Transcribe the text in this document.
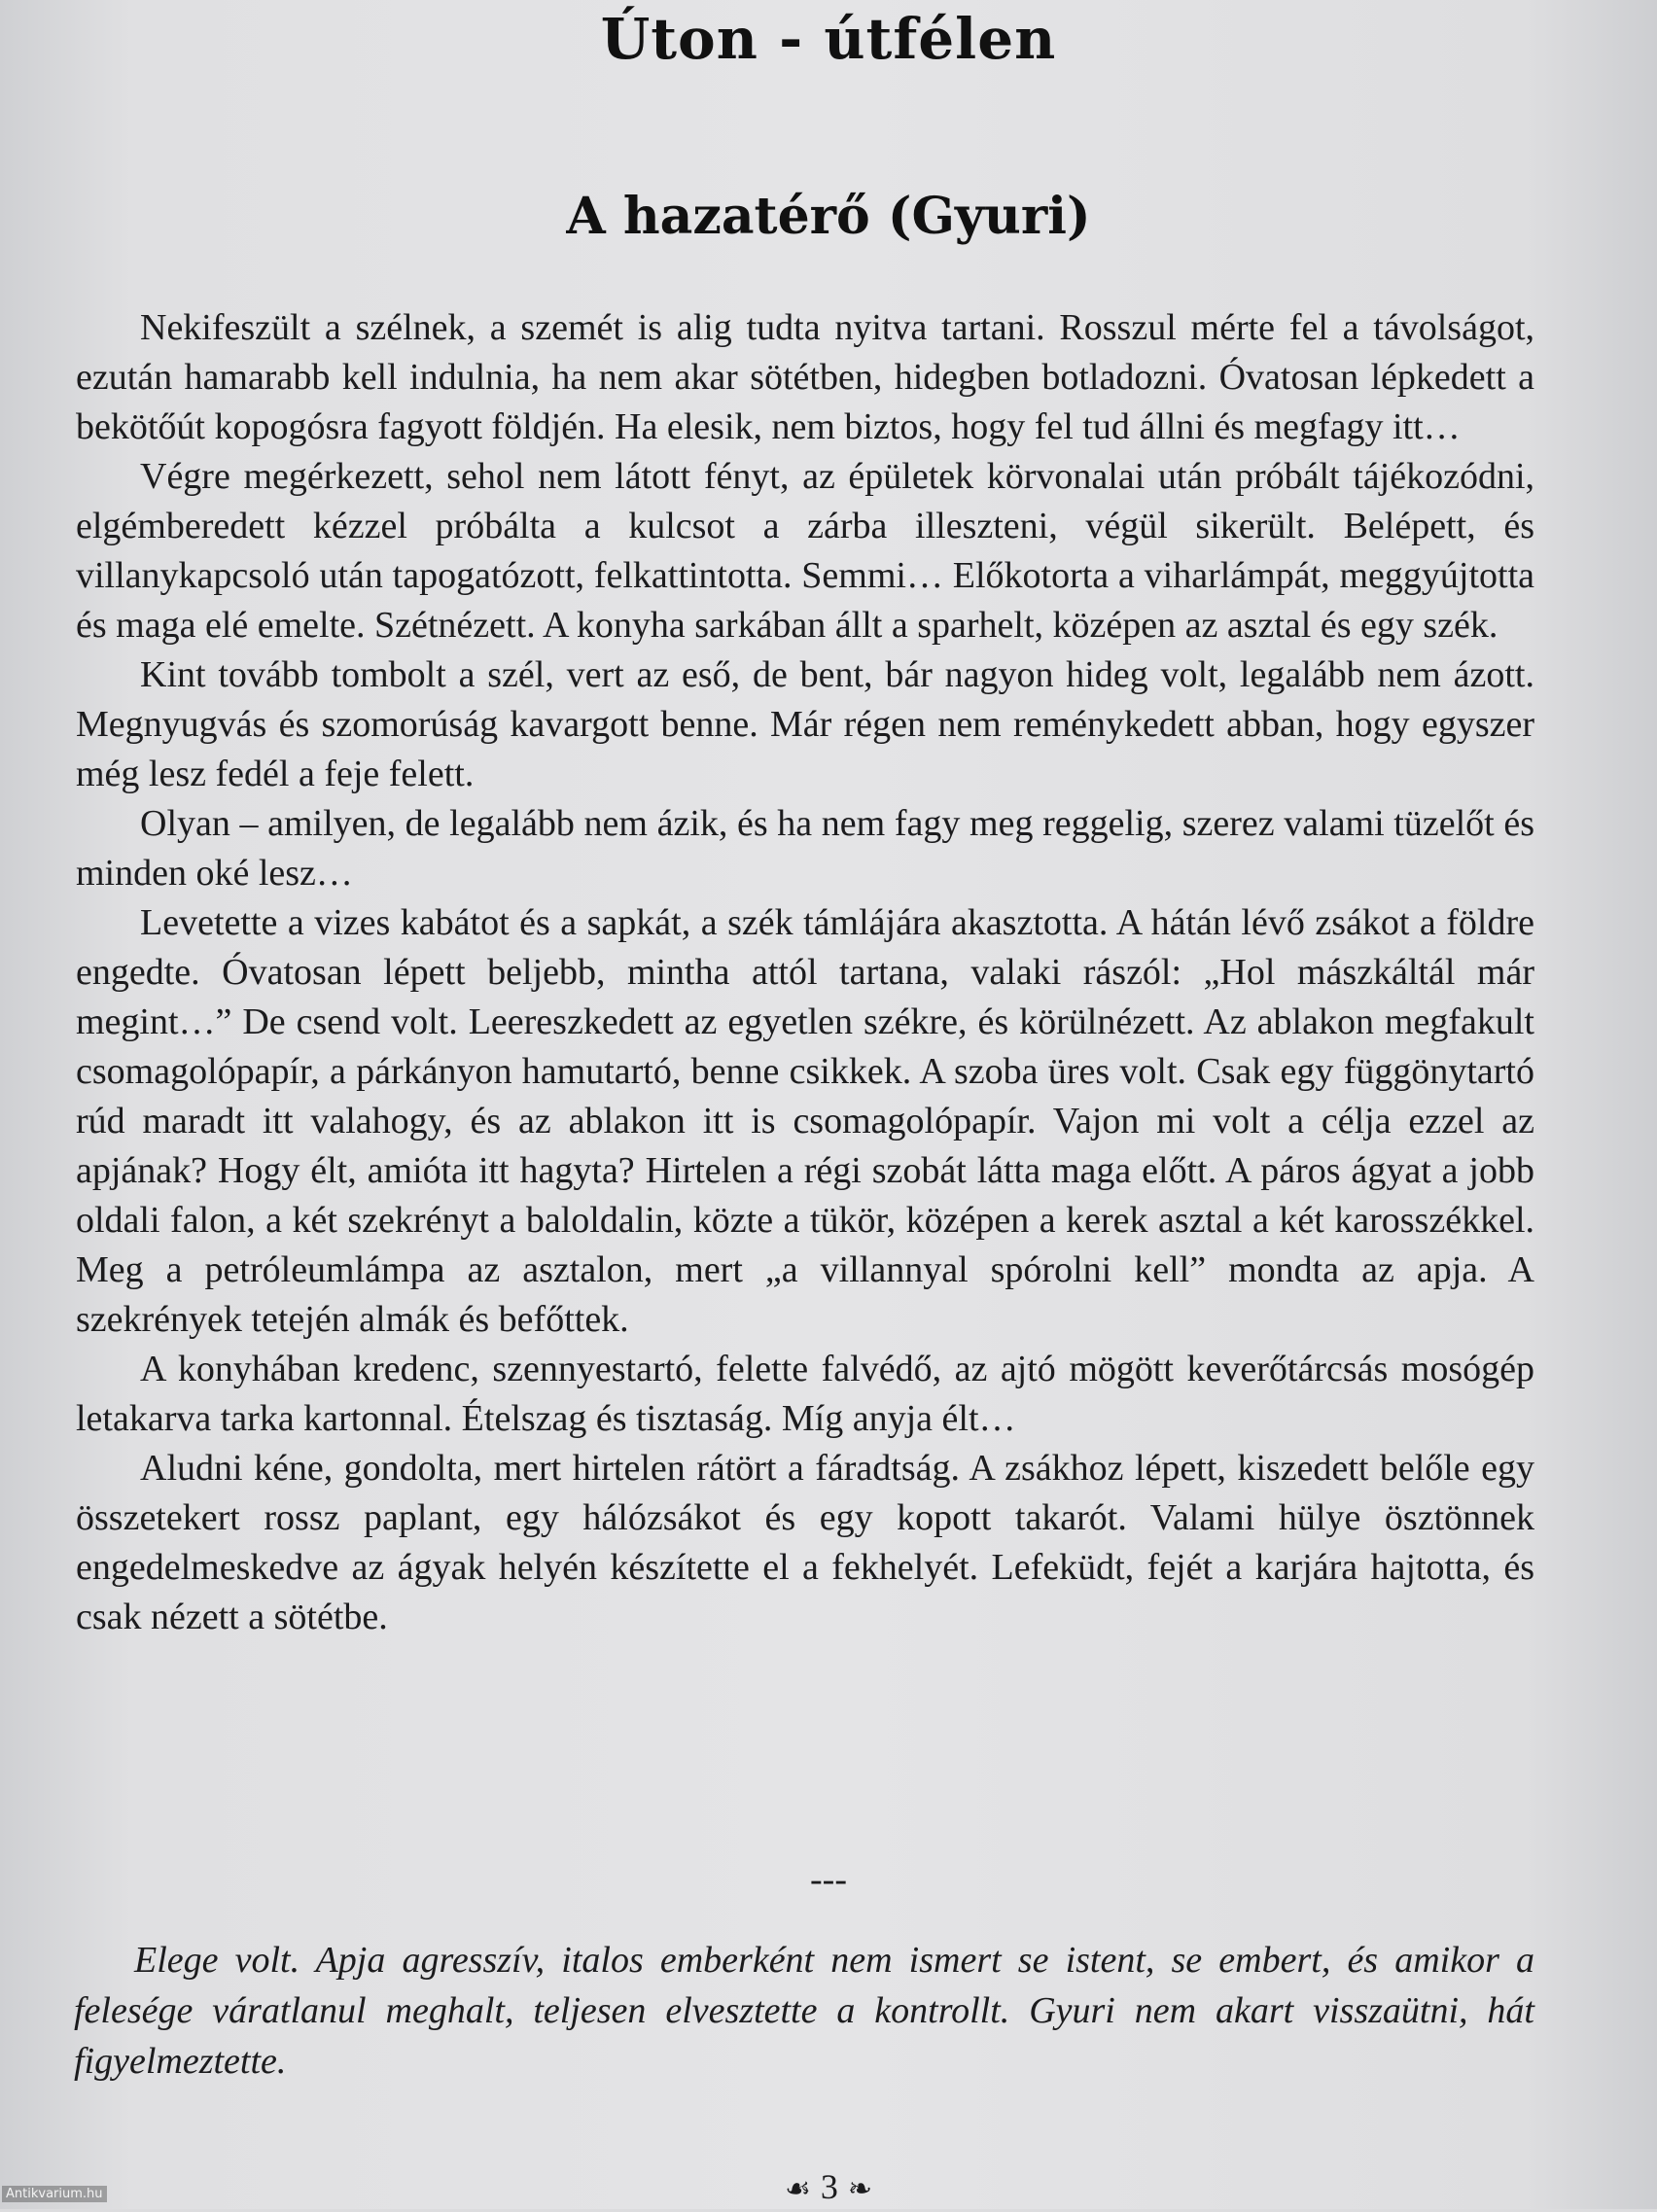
Úton - útfélen
A hazatérő (Gyuri)

Nekifeszült a szélnek, a szemét is alig tudta nyitva tartani. Rosszul mérte fel a távolságot, ezután hamarabb kell indulnia, ha nem akar sötétben, hidegben botladozni. Óvatosan lépkedett a bekötőút kopogósra fagyott földjén. Ha elesik, nem biztos, hogy fel tud állni és megfagy itt…

Végre megérkezett, sehol nem látott fényt, az épületek körvonalai után próbált tájékozódni, elgémberedett kézzel próbálta a kulcsot a zárba illeszteni, végül sikerült. Belépett, és villanykapcsoló után tapogatózott, felkattintotta. Semmi… Előkotorta a viharlámpát, meggyújtotta és maga elé emelte. Szétnézett. A konyha sarkában állt a sparhelt, középen az asztal és egy szék.

Kint tovább tombolt a szél, vert az eső, de bent, bár nagyon hideg volt, legalább nem ázott. Megnyugvás és szomorúság kavargott benne. Már régen nem reménykedett abban, hogy egyszer még lesz fedél a feje felett.

Olyan – amilyen, de legalább nem ázik, és ha nem fagy meg reggelig, szerez valami tüzelőt és minden oké lesz…

Levetette a vizes kabátot és a sapkát, a szék támlájára akasztotta. A hátán lévő zsákot a földre engedte. Óvatosan lépett beljebb, mintha attól tartana, valaki rászól: „Hol mászkáltál már megint…” De csend volt. Leereszkedett az egyetlen székre, és körülnézett. Az ablakon megfakult csomagolópapír, a párkányon hamutartó, benne csikkek. A szoba üres volt. Csak egy függönytartó rúd maradt itt valahogy, és az ablakon itt is csomagolópapír. Vajon mi volt a célja ezzel az apjának? Hogy élt, amióta itt hagyta? Hirtelen a régi szobát látta maga előtt. A páros ágyat a jobb oldali falon, a két szekrényt a baloldalin, közte a tükör, középen a kerek asztal a két karosszékkel. Meg a petróleumlámpa az asztalon, mert „a villannyal spórolni kell” mondta az apja. A szekrények tetején almák és befőttek.

A konyhában kredenc, szennyestartó, felette falvédő, az ajtó mögött keverőtárcsás mosógép letakarva tarka kartonnal. Ételszag és tisztaság. Míg anyja élt…

Aludni kéne, gondolta, mert hirtelen rátört a fáradtság. A zsákhoz lépett, kiszedett belőle egy összetekert rossz paplant, egy hálózsákot és egy kopott takarót. Valami hülye ösztönnek engedelmeskedve az ágyak helyén készítette el a fekhelyét. Lefeküdt, fejét a karjára hajtotta, és csak nézett a sötétbe.

---

Elege volt. Apja agresszív, italos emberként nem ismert se istent, se embert, és amikor a felesége váratlanul meghalt, teljesen elvesztette a kontrollt. Gyuri nem akart visszaütni, hát figyelmeztette.

☙ 3 ❧
Antikvarium.hu
